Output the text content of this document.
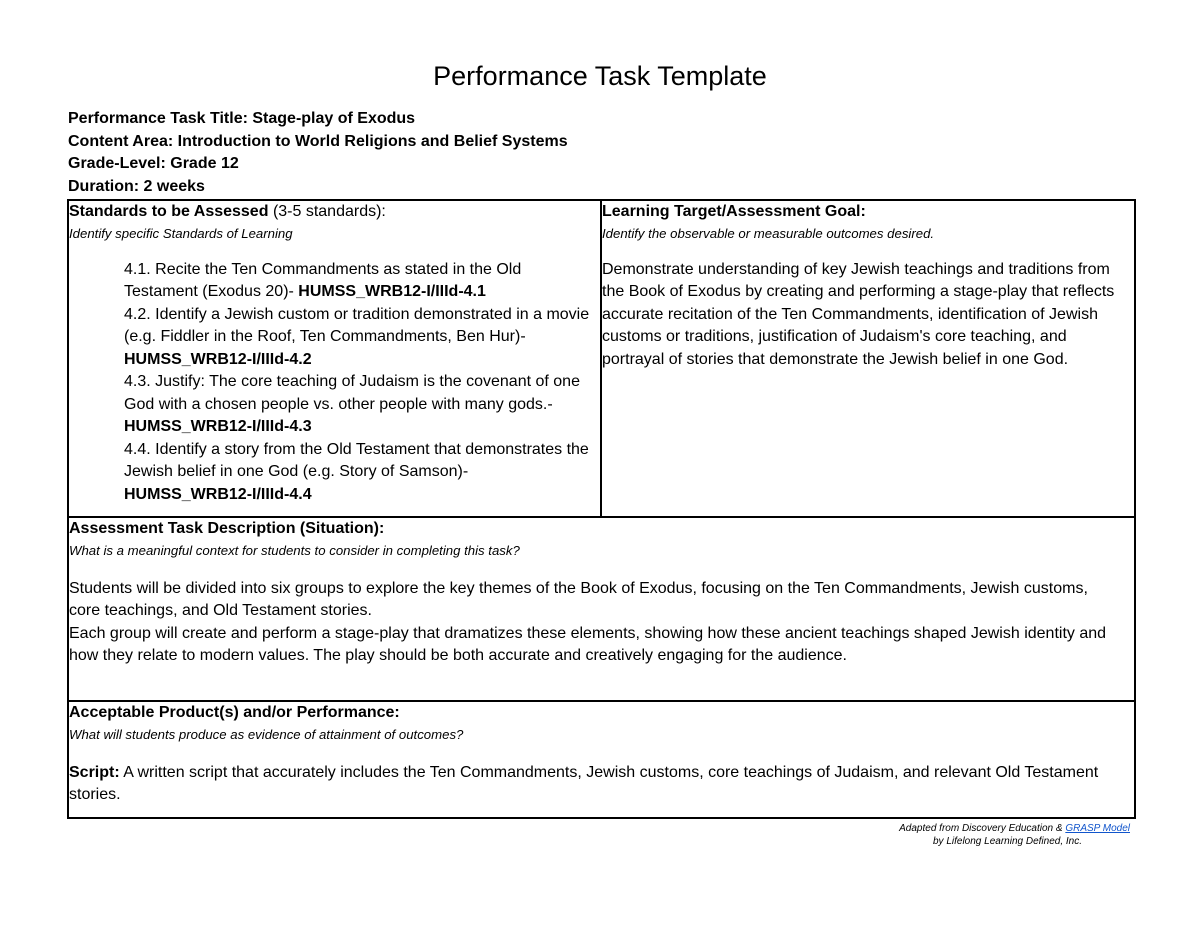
Performance Task Template
Performance Task Title: Stage-play of Exodus
Content Area: Introduction to World Religions and Belief Systems
Grade-Level: Grade 12
Duration: 2 weeks
Standards to be Assessed (3-5 standards):
Identify specific Standards of Learning
4.1. Recite the Ten Commandments as stated in the Old Testament (Exodus 20)- HUMSS_WRB12-I/IIId-4.1
4.2. Identify a Jewish custom or tradition demonstrated in a movie (e.g. Fiddler in the Roof, Ten Commandments, Ben Hur)- HUMSS_WRB12-I/IIId-4.2
4.3. Justify: The core teaching of Judaism is the covenant of one God with a chosen people vs. other people with many gods.- HUMSS_WRB12-I/IIId-4.3
4.4. Identify a story from the Old Testament that demonstrates the Jewish belief in one God (e.g. Story of Samson)- HUMSS_WRB12-I/IIId-4.4

Learning Target/Assessment Goal:
Identify the observable or measurable outcomes desired.
Demonstrate understanding of key Jewish teachings and traditions from the Book of Exodus by creating and performing a stage-play that reflects accurate recitation of the Ten Commandments, identification of Jewish customs or traditions, justification of Judaism's core teaching, and portrayal of stories that demonstrate the Jewish belief in one God.

Assessment Task Description (Situation):
What is a meaningful context for students to consider in completing this task?
Students will be divided into six groups to explore the key themes of the Book of Exodus, focusing on the Ten Commandments, Jewish customs, core teachings, and Old Testament stories.
Each group will create and perform a stage-play that dramatizes these elements, showing how these ancient teachings shaped Jewish identity and how they relate to modern values. The play should be both accurate and creatively engaging for the audience.

Acceptable Product(s) and/or Performance:
What will students produce as evidence of attainment of outcomes?
Script: A written script that accurately includes the Ten Commandments, Jewish customs, core teachings of Judaism, and relevant Old Testament stories.
Adapted from Discovery Education & GRASP Model
by Lifelong Learning Defined, Inc.
